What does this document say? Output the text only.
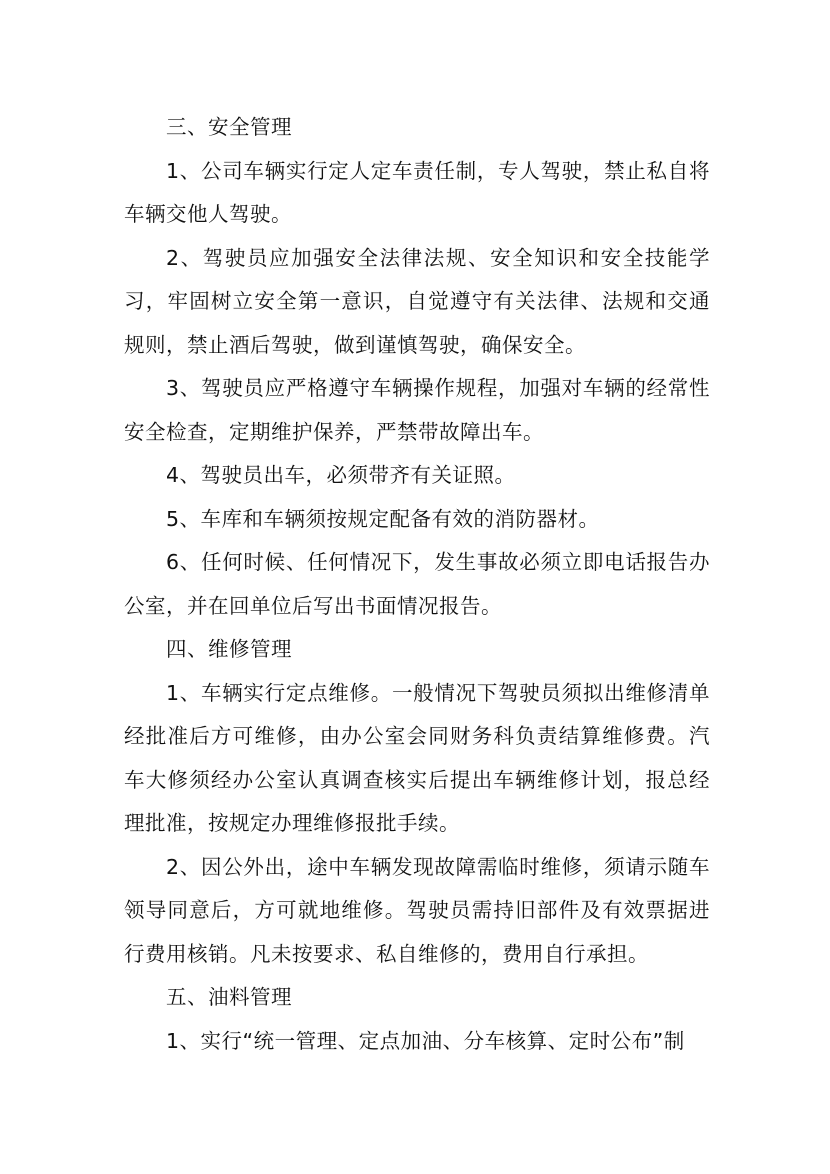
三、安全管理

1、公司车辆实行定人定车责任制，专人驾驶，禁止私自将车辆交他人驾驶。

2、驾驶员应加强安全法律法规、安全知识和安全技能学习，牢固树立安全第一意识，自觉遵守有关法律、法规和交通规则，禁止酒后驾驶，做到谨慎驾驶，确保安全。

3、驾驶员应严格遵守车辆操作规程，加强对车辆的经常性安全检查，定期维护保养，严禁带故障出车。

4、驾驶员出车，必须带齐有关证照。

5、车库和车辆须按规定配备有效的消防器材。

6、任何时候、任何情况下，发生事故必须立即电话报告办公室，并在回单位后写出书面情况报告。

四、维修管理

1、车辆实行定点维修。一般情况下驾驶员须拟出维修清单经批准后方可维修，由办公室会同财务科负责结算维修费。汽车大修须经办公室认真调查核实后提出车辆维修计划，报总经理批准，按规定办理维修报批手续。

2、因公外出，途中车辆发现故障需临时维修，须请示随车领导同意后，方可就地维修。驾驶员需持旧部件及有效票据进行费用核销。凡未按要求、私自维修的，费用自行承担。

五、油料管理

1、实行“统一管理、定点加油、分车核算、定时公布”制
